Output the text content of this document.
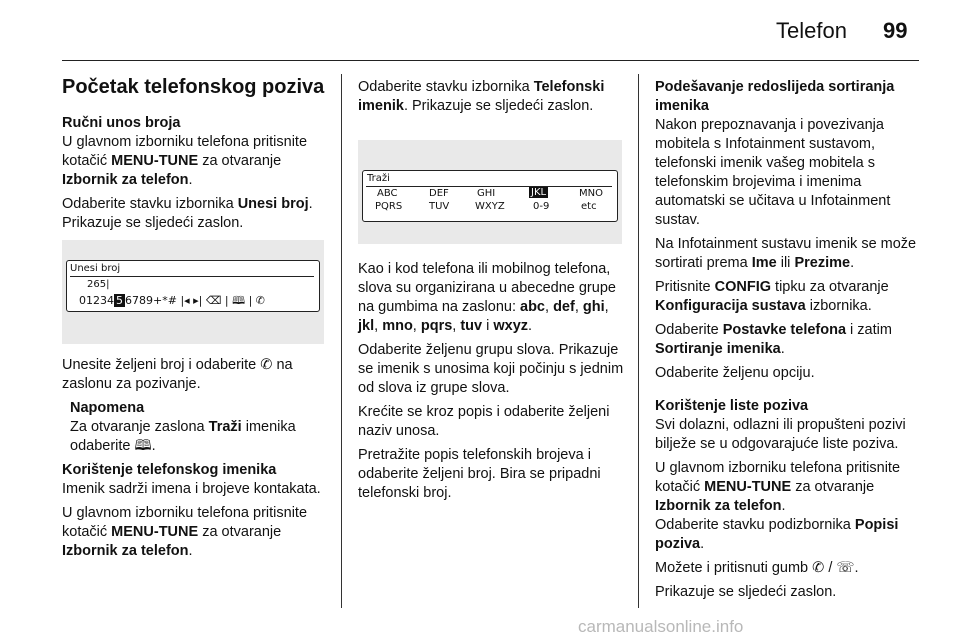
Telefon 99
Početak telefonskog poziva

Ručni unos broja

U glavnom izborniku telefona pritisnite kotačić MENU-TUNE za otvaranje Izbornik za telefon.

Odaberite stavku izbornika Unesi broj. Prikazuje se sljedeći zaslon.

Unesi broj
265|
01234 5 6789+*# |◂ ▸| ⌫ | 🕮 | ✆

Unesite željeni broj i odaberite ✆ na zaslonu za pozivanje.

Napomena

Za otvaranje zaslona Traži imenika odaberite 🕮.

Korištenje telefonskog imenika

Imenik sadrži imena i brojeve kontakata.

U glavnom izborniku telefona pritisnite kotačić MENU-TUNE za otvaranje Izbornik za telefon.

Odaberite stavku izbornika Telefonski imenik. Prikazuje se sljedeći zaslon.

Traži
ABC	DEF	GHI	JKL	MNO
PQRS	TUV	WXYZ	0-9	etc

Kao i kod telefona ili mobilnog telefona, slova su organizirana u abecedne grupe na gumbima na zaslonu: abc, def, ghi, jkl, mno, pqrs, tuv i wxyz.

Odaberite željenu grupu slova. Prikazuje se imenik s unosima koji počinju s jednim od slova iz grupe slova.

Krećite se kroz popis i odaberite željeni naziv unosa.

Pretražite popis telefonskih brojeva i odaberite željeni broj. Bira se pripadni telefonski broj.

Podešavanje redoslijeda sortiranja imenika

Nakon prepoznavanja i povezivanja mobitela s Infotainment sustavom, telefonski imenik vašeg mobitela s telefonskim brojevima i imenima automatski se učitava u Infotainment sustav.

Na Infotainment sustavu imenik se može sortirati prema Ime ili Prezime.

Pritisnite CONFIG tipku za otvaranje Konfiguracija sustava izbornika.

Odaberite Postavke telefona i zatim Sortiranje imenika.

Odaberite željenu opciju.

Korištenje liste poziva

Svi dolazni, odlazni ili propušteni pozivi bilježe se u odgovarajuće liste poziva.

U glavnom izborniku telefona pritisnite kotačić MENU-TUNE za otvaranje Izbornik za telefon.

Odaberite stavku podizbornika Popisi poziva.

Možete i pritisnuti gumb ✆ / ☏.

Prikazuje se sljedeći zaslon.

carmanualsonline.info
